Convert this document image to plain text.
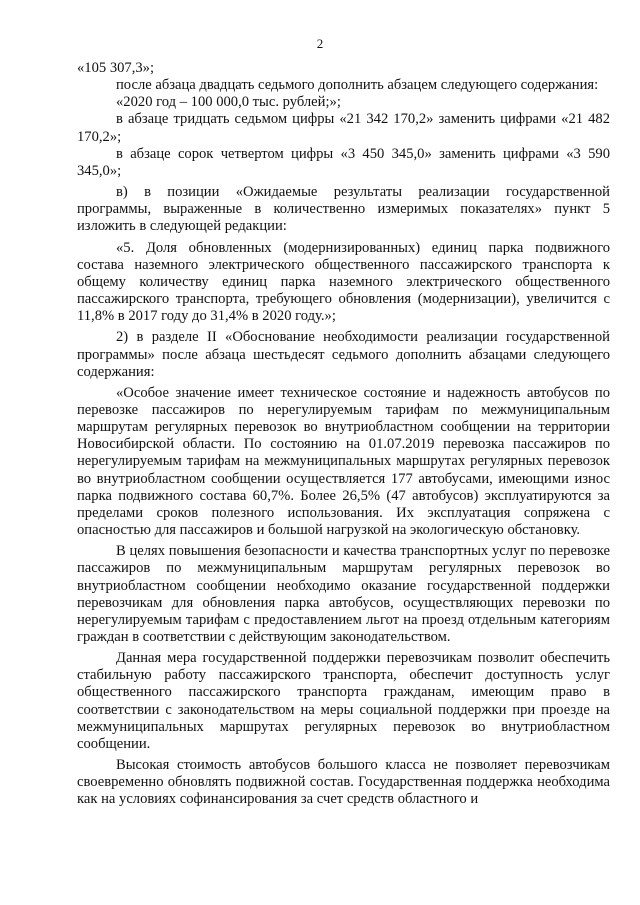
2

«105 307,3»;

после абзаца двадцать седьмого дополнить абзацем следующего содержания:

«2020 год – 100 000,0 тыс. рублей;»;

в абзаце тридцать седьмом цифры «21 342 170,2» заменить цифрами «21 482 170,2»;

в абзаце сорок четвертом цифры «3 450 345,0» заменить цифрами «3 590 345,0»;

в) в позиции «Ожидаемые результаты реализации государственной программы, выраженные в количественно измеримых показателях» пункт 5 изложить в следующей редакции:

«5. Доля обновленных (модернизированных) единиц парка подвижного состава наземного электрического общественного пассажирского транспорта к общему количеству единиц парка наземного электрического общественного пассажирского транспорта, требующего обновления (модернизации), увеличится с 11,8% в 2017 году до 31,4% в 2020 году.»;

2) в разделе II «Обоснование необходимости реализации государственной программы» после абзаца шестьдесят седьмого дополнить абзацами следующего содержания:

«Особое значение имеет техническое состояние и надежность автобусов по перевозке пассажиров по нерегулируемым тарифам по межмуниципальным маршрутам регулярных перевозок во внутриобластном сообщении на территории Новосибирской области. По состоянию на 01.07.2019 перевозка пассажиров по нерегулируемым тарифам на межмуниципальных маршрутах регулярных перевозок во внутриобластном сообщении осуществляется 177 автобусами, имеющими износ парка подвижного состава 60,7%. Более 26,5% (47 автобусов) эксплуатируются за пределами сроков полезного использования. Их эксплуатация сопряжена с опасностью для пассажиров и большой нагрузкой на экологическую обстановку.

В целях повышения безопасности и качества транспортных услуг по перевозке пассажиров по межмуниципальным маршрутам регулярных перевозок во внутриобластном сообщении необходимо оказание государственной поддержки перевозчикам для обновления парка автобусов, осуществляющих перевозки по нерегулируемым тарифам с предоставлением льгот на проезд отдельным категориям граждан в соответствии с действующим законодательством.

Данная мера государственной поддержки перевозчикам позволит обеспечить стабильную работу пассажирского транспорта, обеспечит доступность услуг общественного пассажирского транспорта гражданам, имеющим право в соответствии с законодательством на меры социальной поддержки при проезде на межмуниципальных маршрутах регулярных перевозок во внутриобластном сообщении.

Высокая стоимость автобусов большого класса не позволяет перевозчикам своевременно обновлять подвижной состав. Государственная поддержка необходима как на условиях софинансирования за счет средств областного и
